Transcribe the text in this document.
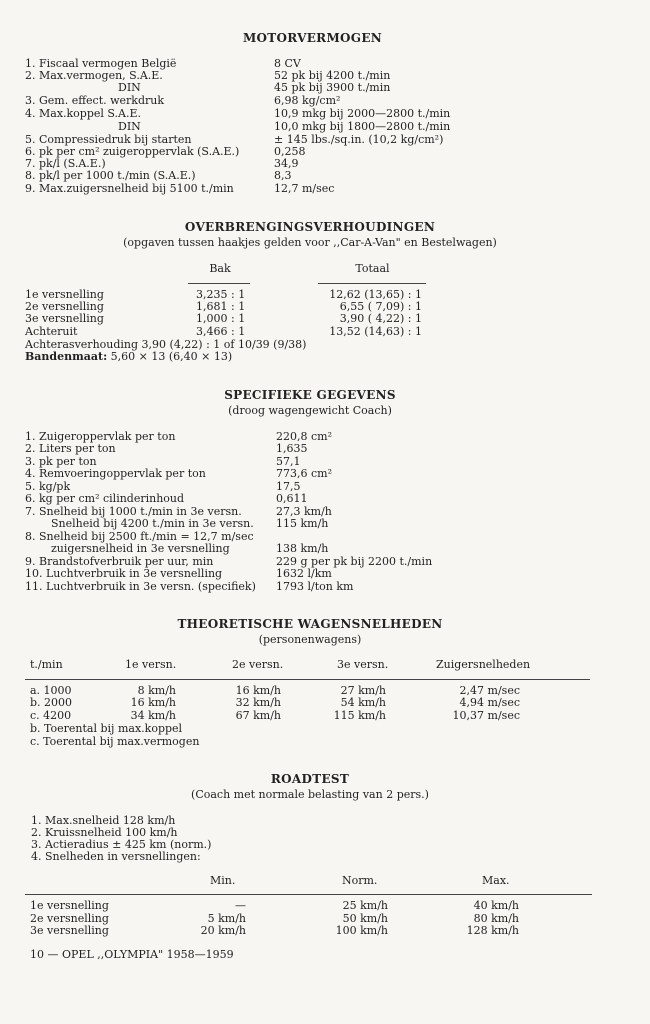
MOTORVERMOGEN
1. Fiscaal vermogen België	8 CV
2. Max.vermogen, S.A.E.	52 pk bij 4200 t./min
DIN	45 pk bij 3900 t./min
3. Gem. effect. werkdruk	6,98 kg/cm²
4. Max.koppel S.A.E.	10,9 mkg bij 2000—2800 t./min
DIN	10,0 mkg bij 1800—2800 t./min
5. Compressiedruk bij starten	± 145 lbs./sq.in. (10,2 kg/cm²)
6. pk per cm² zuigeroppervlak (S.A.E.)	0,258
7. pk/l (S.A.E.)	34,9
8. pk/l per 1000 t./min (S.A.E.)	8,3
9. Max.zuigersnelheid bij 5100 t./min	12,7 m/sec
OVERBRENGINGSVERHOUDINGEN
(opgaven tussen haakjes gelden voor ,,Car-A-Van" en Bestelwagen)
Bak	Totaal
1e versnelling	3,235 : 1	12,62 (13,65) : 1
2e versnelling	1,681 : 1	6,55 ( 7,09) : 1
3e versnelling	1,000 : 1	3,90 ( 4,22) : 1
Achteruit	3,466 : 1	13,52 (14,63) : 1
Achterasverhouding 3,90 (4,22) : 1 of 10/39 (9/38)
Bandenmaat: 5,60 × 13 (6,40 × 13)
SPECIFIEKE GEGEVENS
(droog wagengewicht Coach)
1. Zuigeroppervlak per ton	220,8 cm²
2. Liters per ton	1,635
3. pk per ton	57,1
4. Remvoeringoppervlak per ton	773,6 cm²
5. kg/pk	17,5
6. kg per cm² cilinderinhoud	0,611
7. Snelheid bij 1000 t./min in 3e versn.	27,3 km/h
Snelheid bij 4200 t./min in 3e versn. 115 km/h
8. Snelheid bij 2500 ft./min = 12,7 m/sec
zuigersnelheid in 3e versnelling	138 km/h
9. Brandstofverbruik per uur, min	229 g per pk bij 2200 t./min
10. Luchtverbruik in 3e versnelling	1632 l/km
11. Luchtverbruik in 3e versn. (specifiek) 1793 l/ton km
THEORETISCHE WAGENSNELHEDEN
(personenwagens)
t./min	1e versn.	2e versn.	3e versn.	Zuigersnelheden
a. 1000	8 km/h	16 km/h	27 km/h	2,47 m/sec
b. 2000	16 km/h	32 km/h	54 km/h	4,94 m/sec
c. 4200	34 km/h	67 km/h	115 km/h	10,37 m/sec
b. Toerental bij max.koppel
c. Toerental bij max.vermogen
ROADTEST
(Coach met normale belasting van 2 pers.)
1. Max.snelheid 128 km/h
2. Kruissnelheid 100 km/h
3. Actieradius ± 425 km (norm.)
4. Snelheden in versnellingen:
Min.	Norm.	Max.
1e versnelling	—	25 km/h	40 km/h
2e versnelling	5 km/h	50 km/h	80 km/h
3e versnelling	20 km/h	100 km/h	128 km/h
10 — OPEL ,,OLYMPIA" 1958—1959
